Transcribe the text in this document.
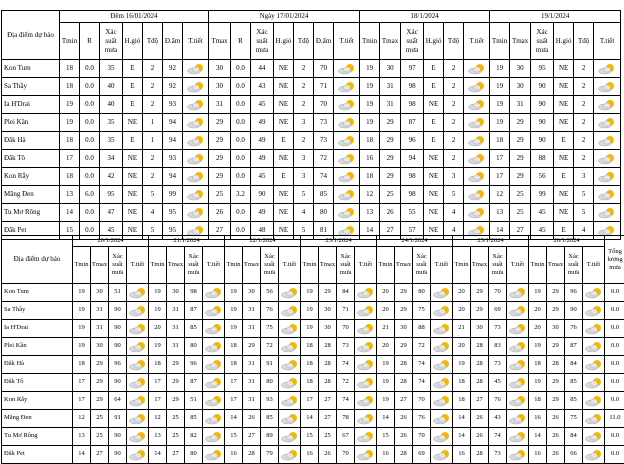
Địa điểm dự báo	Đêm 16/01/2024							Ngày 17/01/2024							18/1/2024						19/1/2024					
	Tmin	R	Xác suất mưa	H.gió	Tđộ	Đ.ẩm	T.tiết	Tmax	R	Xác suất mưa	H.gió	Tđộ	Đ.ẩm	T.tiết	Tmin	Tmax	Xác suất mưa	H.gió	Tđộ	T.tiết	Tmin	Tmax	Xác suất mưa	H.gió	Tđộ	T.tiết
Kon Tum	18	0.0	35	E	2	92		30	0.0	44	NE	2	70		19	30	97	E	2		19	30	95	NE	2	
Sa Thầy	18	0.0	40	E	2	92		30	0.0	43	NE	2	71		19	31	98	E	2		19	30	90	NE	2	
Ia H'Drai	19	0.0	40	E	2	93		31	0.0	45	NE	2	70		19	31	98	NE	2		19	31	90	NE	2	
Plei Kần	19	0.0	35	NE	1	94		29	0.0	49	NE	3	73		19	29	87	E	2		19	29	90	NE	2	
Đăk Hà	18	0.0	35	E	1	94		29	0.0	49	E	2	73		18	29	96	E	2		18	29	90	E	2	
Đăk Tô	17	0.0	34	NE	2	93		29	0.0	49	NE	3	72		16	29	94	NE	2		17	29	88	NE	2	
Kon Rẫy	18	0.0	42	NE	2	94		29	0.0	45	E	3	74		18	29	98	NE	3		17	29	56	E	3	
Măng Đen	13	6.0	95	NE	5	99		25	3.2	90	NE	5	85		12	25	98	NE	5		12	25	99	NE	5	
Tu Mơ Rông	14	0.0	47	NE	4	95		26	0.0	49	NE	4	80		13	26	55	NE	4		13	25	45	NE	5	
Đăk Pet	15	0.0	45	NE	5	95		27	0.0	48	NE	5	81		14	27	57	NE	4		14	27	45	E	4	
Địa điểm dự báo	20/1/2024				21/1/2024				22/1/2024				23/1/2024				24/1/2024				25/1/2024				26/1/2024				Tổng lượng mưa
	Tmin	Tmax	Xác suất mưa	T.tiết	Tmin	Tmax	Xác suất mưa	T.tiết	Tmin	Tmax	Xác suất mưa	T.tiết	Tmin	Tmax	Xác suất mưa	T.tiết	Tmin	Tmax	Xác suất mưa	T.tiết	Tmin	Tmax	Xác suất mưa	T.tiết	Tmin	Tmax	Xác suất mưa	T.tiết	
Kon Tum	19	30	51		19	30	98		19	30	56		19	29	84		20	29	80		20	29	70		19	29	96		0.0
Sa Thầy	19	31	90		19	31	87		19	31	76		19	30	71		20	29	75		20	29	69		20	29	90		0.0
Ia H'Drai	19	31	90		20	31	85		19	31	75		19	30	70		21	30	88		21	30	73		20	30	76		0.0
Plei Kần	19	30	90		19	31	80		18	29	72		18	28	73		20	29	72		20	28	83		19	29	87		0.0
Đăk Hà	18	29	96		18	29	96		18	31	91		18	28	74		19	28	74		19	28	73		18	28	84		0.0
Đăk Tô	17	29	90		17	29	87		17	31	80		18	28	72		19	28	74		18	28	45		19	29	85		0.0
Kon Rẫy	17	29	64		17	29	51		17	31	93		17	27	74		19	27	70		18	27	76		18	29	85		0.0
Măng Đen	12	25	91		12	25	85		14	26	85		14	27	78		14	26	76		14	26	43		16	26	75		11.0
Tu Mơ Rông	13	25	90		13	25	82		15	27	89		15	25	67		15	26	70		14	26	74		14	26	84		0.0
Đăk Pet	14	27	90		14	27	80		16	28	79		16	26	70		16	28	69		16	28	73		16	26	66		0.0
